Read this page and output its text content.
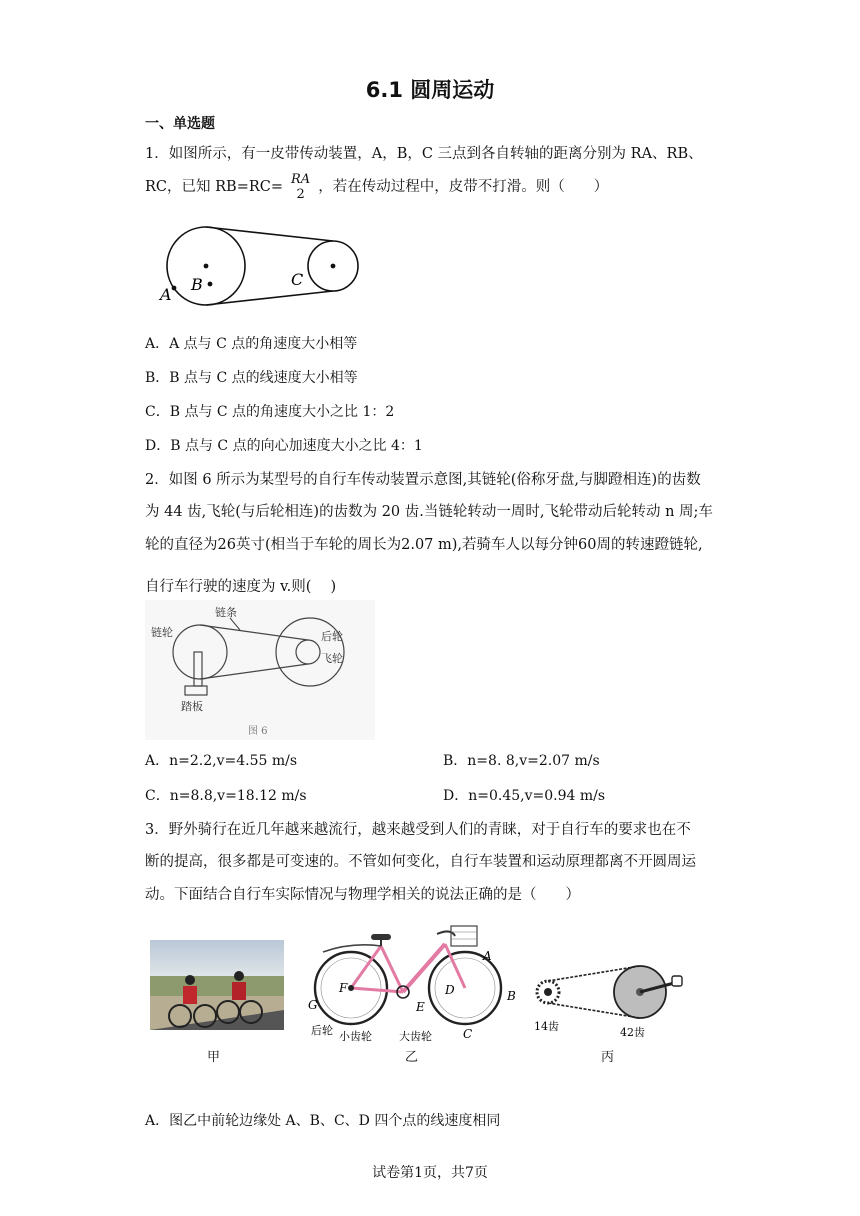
6.1 圆周运动
一、单选题
1．如图所示，有一皮带传动装置，A，B，C 三点到各自转轴的距离分别为 RA、RB、
RC，已知 RB=RC= RA
2 ，若在传动过程中，皮带不打滑。则（　　）
A
B	C
A．A 点与 C 点的角速度大小相等
B．B 点与 C 点的线速度大小相等
C．B 点与 C 点的角速度大小之比 1：2
D．B 点与 C 点的向心加速度大小之比 4：1
2．如图 6 所示为某型号的自行车传动装置示意图,其链轮(俗称牙盘,与脚蹬相连)的齿数
为 44 齿,飞轮(与后轮相连)的齿数为 20 齿.当链轮转动一周时,飞轮带动后轮转动 n 周;车
轮的直径为26英寸(相当于车轮的周长为2.07 m),若骑车人以每分钟60周的转速蹬链轮,
自行车行驶的速度为 v.则(　 )
链条
链轮	后轮
飞轮
踏板
图 6
A．n=2.2,v=4.55 m/s	B．n=8. 8,v=2.07 m/s
C．n=8.8,v=18.12 m/s	D．n=0.45,v=0.94 m/s
3．野外骑行在近几年越来越流行，越来越受到人们的青睐，对于自行车的要求也在不
断的提高，很多都是可变速的。不管如何变化，自行车装置和运动原理都离不开圆周运
动。下面结合自行车实际情况与物理学相关的说法正确的是（　　）
甲
G
F
E
D
A
B
C
后轮 小齿轮 大齿轮
乙
14齿	42齿
丙
A．图乙中前轮边缘处 A、B、C、D 四个点的线速度相同
试卷第1页，共7页
